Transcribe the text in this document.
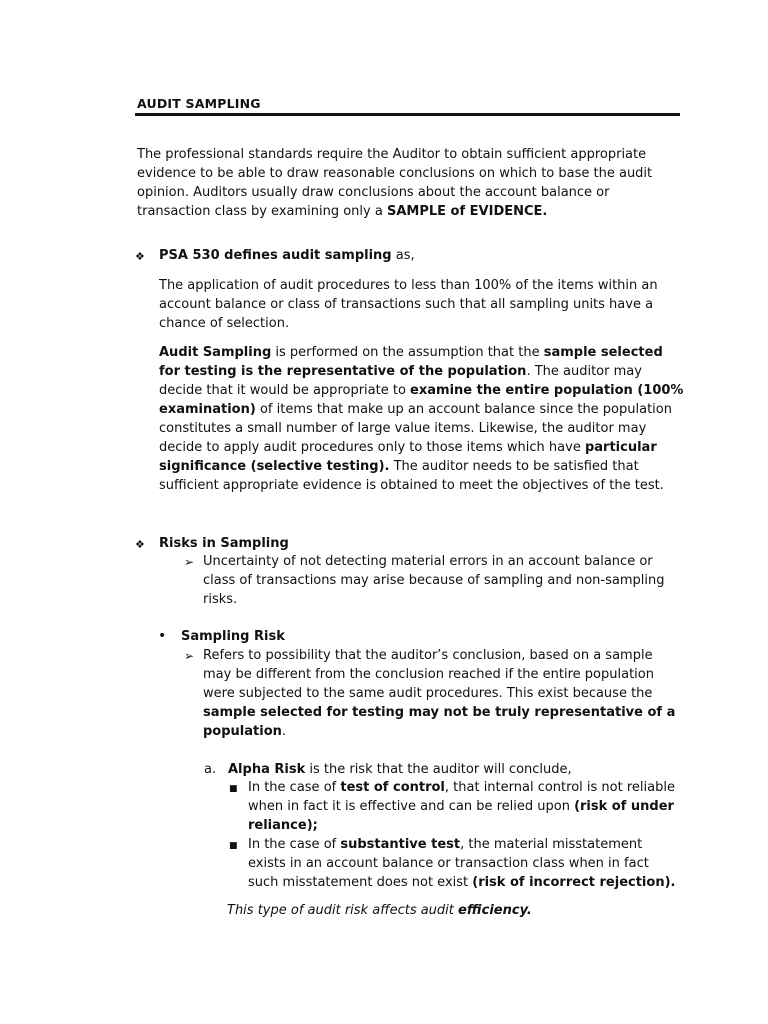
AUDIT SAMPLING
The professional standards require the Auditor to obtain sufficient appropriate evidence to be able to draw reasonable conclusions on which to base the audit opinion. Auditors usually draw conclusions about the account balance or transaction class by examining only a SAMPLE of EVIDENCE.
❖ PSA 530 defines audit sampling as,
The application of audit procedures to less than 100% of the items within an account balance or class of transactions such that all sampling units have a chance of selection.
Audit Sampling is performed on the assumption that the sample selected for testing is the representative of the population. The auditor may decide that it would be appropriate to examine the entire population (100% examination) of items that make up an account balance since the population constitutes a small number of large value items. Likewise, the auditor may decide to apply audit procedures only to those items which have particular significance (selective testing). The auditor needs to be satisfied that sufficient appropriate evidence is obtained to meet the objectives of the test.
❖ Risks in Sampling
➢ Uncertainty of not detecting material errors in an account balance or class of transactions may arise because of sampling and non-sampling risks.
• Sampling Risk
➢ Refers to possibility that the auditor’s conclusion, based on a sample may be different from the conclusion reached if the entire population were subjected to the same audit procedures. This exist because the sample selected for testing may not be truly representative of a population.
a. Alpha Risk is the risk that the auditor will conclude,
■ In the case of test of control, that internal control is not reliable when in fact it is effective and can be relied upon (risk of under reliance);
■ In the case of substantive test, the material misstatement exists in an account balance or transaction class when in fact such misstatement does not exist (risk of incorrect rejection).
This type of audit risk affects audit efficiency.
